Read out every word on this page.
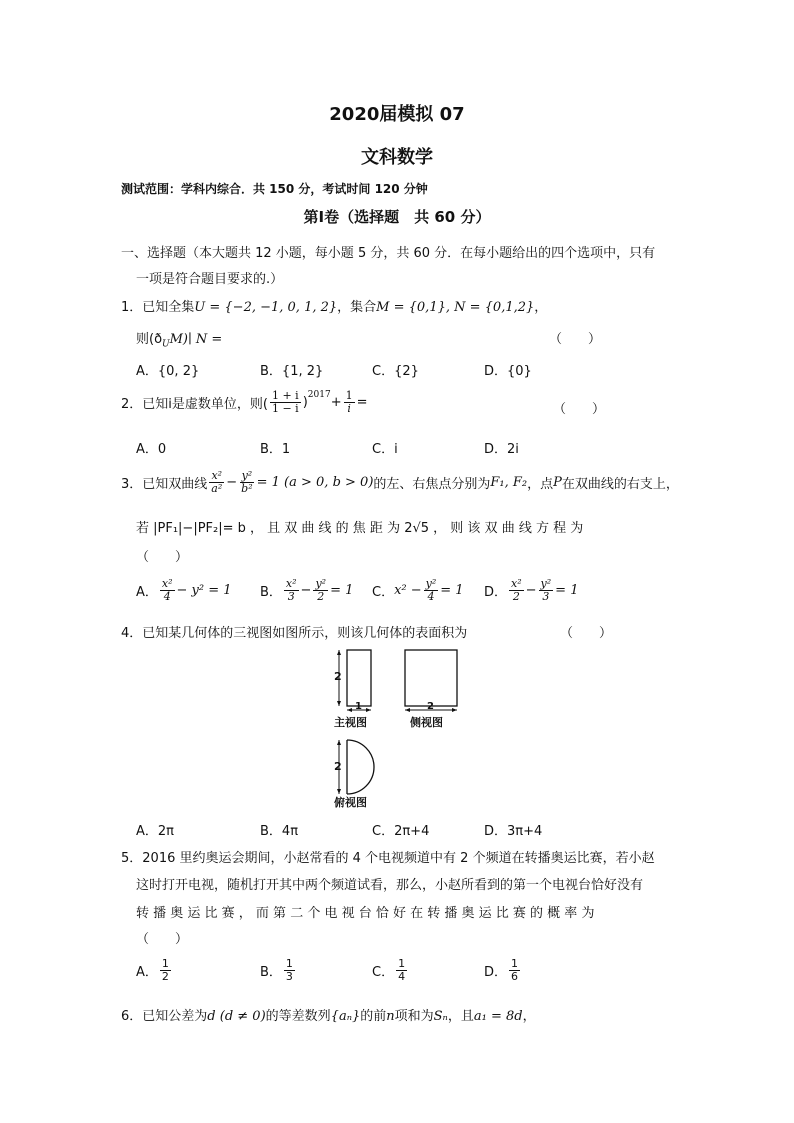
2020届模拟 07
文科数学
测试范围：学科内综合．共 150 分，考试时间 120 分钟
第Ⅰ卷（选择题　共 60 分）
一、选择题（本大题共 12 小题，每小题 5 分，共 60 分．在每小题给出的四个选项中，只有
一项是符合题目要求的.）
1．已知全集U = {−2, −1, 0, 1, 2}，集合M = {0,1}, N = {0,1,2}，
则$(ð_UM)∣$ N =	（　　）
A．{0, 2}	B．{1, 2}	C．{2}	D．{0}
2． 已知i是虚数单位，则( $\frac{1 + i}{1 - i} )^{2017} + \frac{1}{i}$ =	（　　）
A．0	B．1	C．i	D．2i
3． 已知双曲线 $\frac{\text{x²}}{\text{a²}} - \frac{\text{y²}}{\text{b²}} = 1$ (a > 0, b > 0) 的左、右焦点分别为 F₁, F₂ ，点 P 在双曲线的右支上，
若 |PF₁|−|PF₂|= b ， 且 双 曲 线 的 焦 距 为 2√5 ， 则 该 双 曲 线 方 程 为
（　　）
A． $\frac{\text{x²}}{4} - y^2 = 1$ B． $\frac{\text{x²}}{3} - \frac{\text{y²}}{2} = 1$ C． $x^2 - \frac{\text{y²}}{4} = 1$ D． $\frac{\text{x²}}{2} - \frac{\text{y²}}{3} = 1$
4．已知某几何体的三视图如图所示，则该几何体的表面积为	（　　）
2
1	2
主视图	侧视图
2
俯视图
A．2π	B．4π	C．2π+4	D．3π+4
5．2016 里约奥运会期间，小赵常看的 4 个电视频道中有 2 个频道在转播奥运比赛，若小赵
这时打开电视，随机打开其中两个频道试看，那么，小赵所看到的第一个电视台恰好没有
转 播 奥 运 比 赛 ， 而 第 二 个 电 视 台 恰 好 在 转 播 奥 运 比 赛 的 概 率 为
（　　）
A． $\frac{1}{2}$	B． $\frac{1}{3}$	C． $\frac{1}{4}$	D． $\frac{1}{6}$
6．已知公差为d (d ≠ 0)的等差数列{aₙ}的前n项和为Sₙ，且a₁ = 8d，
